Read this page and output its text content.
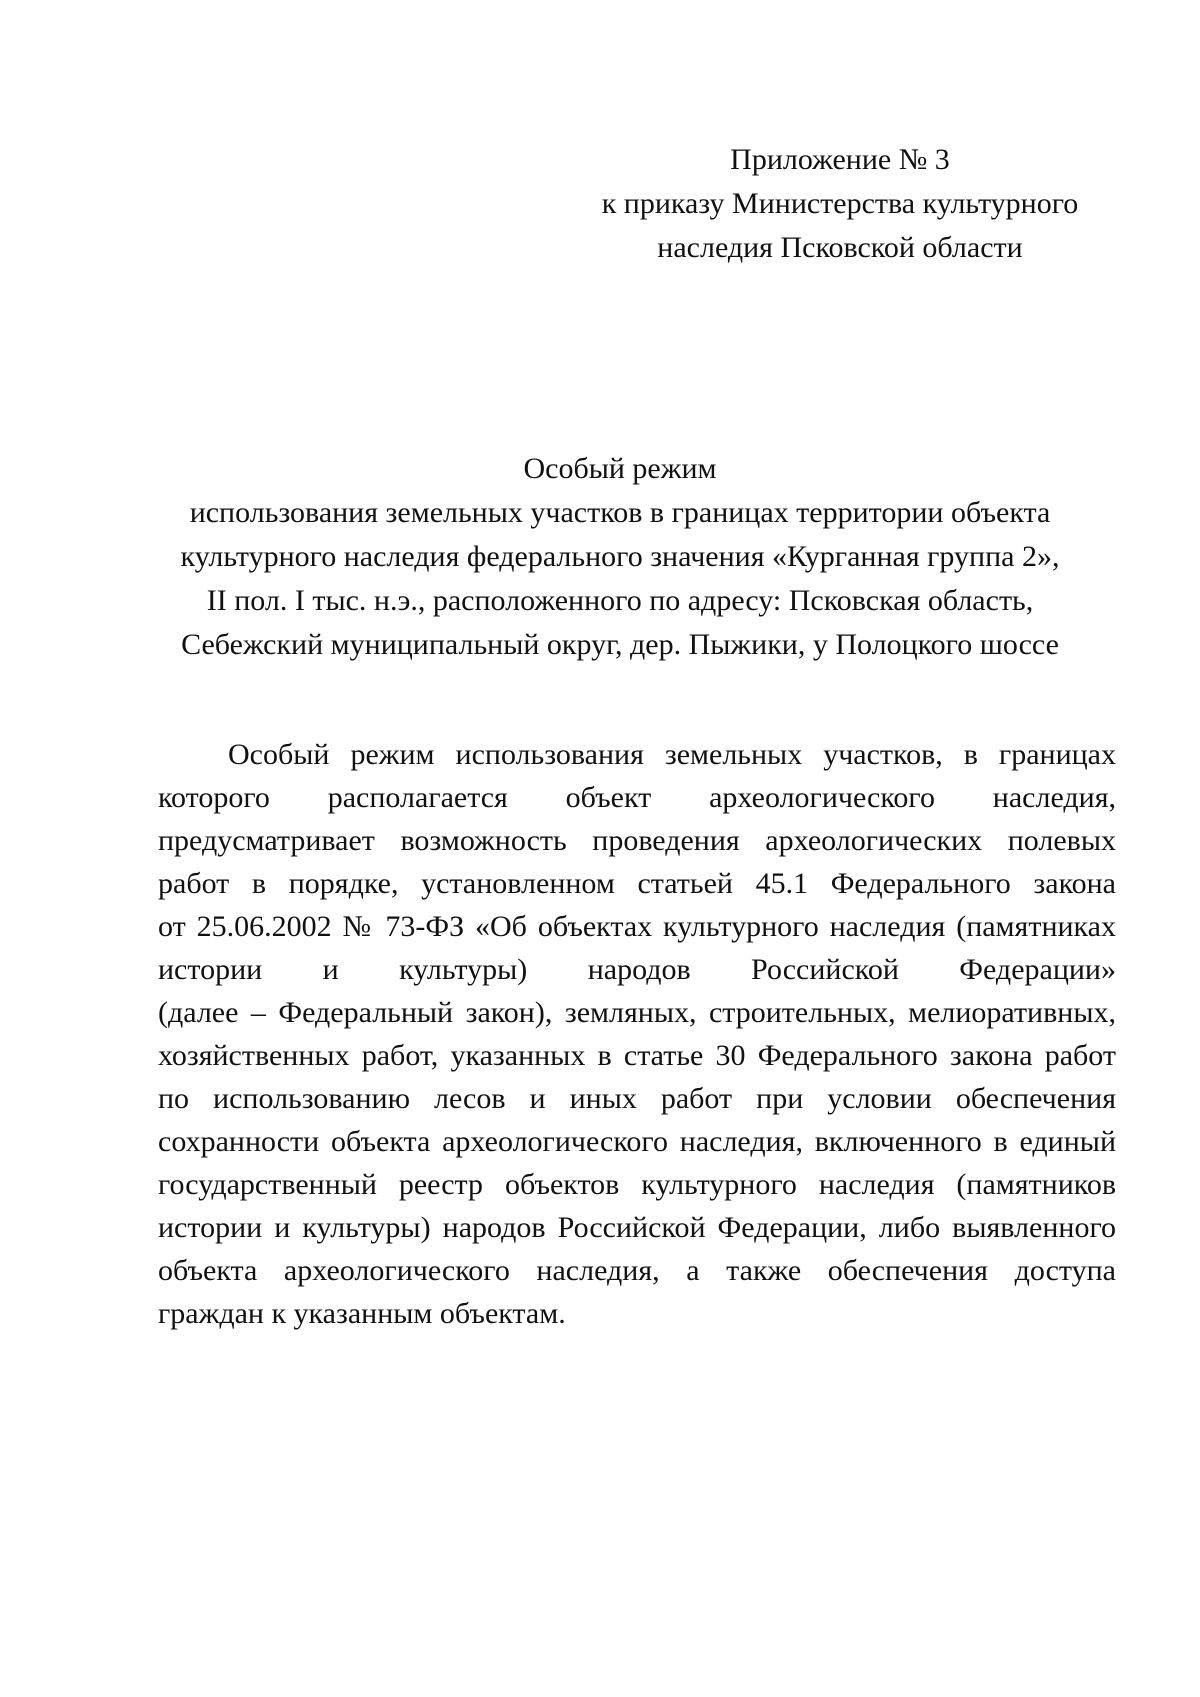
Приложение № 3
к приказу Министерства культурного
наследия Псковской области
Особый режим
использования земельных участков в границах территории объекта
культурного наследия федерального значения «Курганная группа 2»,
II пол. I тыс. н.э., расположенного по адресу: Псковская область,
Себежский муниципальный округ, дер. Пыжики, у Полоцкого шоссе
Особый режим использования земельных участков, в границах
которого располагается объект археологического наследия,
предусматривает возможность проведения археологических полевых
работ в порядке, установленном статьей 45.1 Федерального закона
от 25.06.2002 № 73-ФЗ «Об объектах культурного наследия (памятниках
истории и культуры) народов Российской Федерации»
(далее – Федеральный закон), земляных, строительных, мелиоративных,
хозяйственных работ, указанных в статье 30 Федерального закона работ
по использованию лесов и иных работ при условии обеспечения
сохранности объекта археологического наследия, включенного в единый
государственный реестр объектов культурного наследия (памятников
истории и культуры) народов Российской Федерации, либо выявленного
объекта археологического наследия, а также обеспечения доступа
граждан к указанным объектам.
